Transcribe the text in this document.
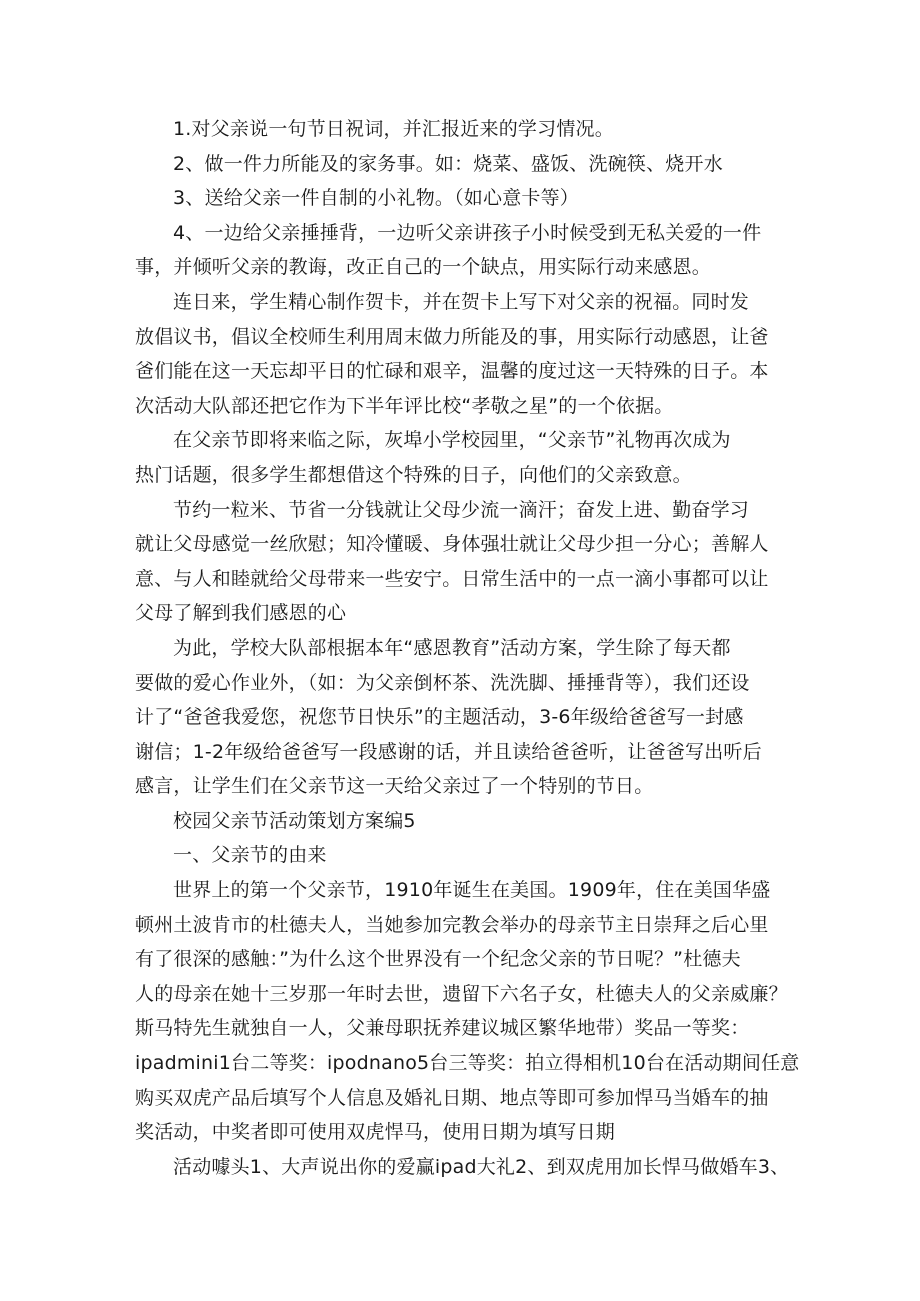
1.对父亲说一句节日祝词，并汇报近来的学习情况。
2、做一件力所能及的家务事。如：烧菜、盛饭、洗碗筷、烧开水
3、送给父亲一件自制的小礼物。（如心意卡等）
4、一边给父亲捶捶背，一边听父亲讲孩子小时候受到无私关爱的一件
事，并倾听父亲的教诲，改正自己的一个缺点，用实际行动来感恩。
连日来，学生精心制作贺卡，并在贺卡上写下对父亲的祝福。同时发
放倡议书，倡议全校师生利用周末做力所能及的事，用实际行动感恩，让爸
爸们能在这一天忘却平日的忙碌和艰辛，温馨的度过这一天特殊的日子。本
次活动大队部还把它作为下半年评比校“孝敬之星”的一个依据。
在父亲节即将来临之际，灰埠小学校园里，“父亲节”礼物再次成为
热门话题，很多学生都想借这个特殊的日子，向他们的父亲致意。
节约一粒米、节省一分钱就让父母少流一滴汗；奋发上进、勤奋学习
就让父母感觉一丝欣慰；知冷懂暖、身体强壮就让父母少担一分心；善解人
意、与人和睦就给父母带来一些安宁。日常生活中的一点一滴小事都可以让
父母了解到我们感恩的心
为此，学校大队部根据本年“感恩教育”活动方案，学生除了每天都
要做的爱心作业外，（如：为父亲倒杯茶、洗洗脚、捶捶背等），我们还设
计了“爸爸我爱您，祝您节日快乐”的主题活动，3-6年级给爸爸写一封感
谢信；1-2年级给爸爸写一段感谢的话，并且读给爸爸听，让爸爸写出听后
感言，让学生们在父亲节这一天给父亲过了一个特别的节日。
校园父亲节活动策划方案编5
一、父亲节的由来
世界上的第一个父亲节，1910年诞生在美国。1909年，住在美国华盛
顿州土波肯市的杜德夫人，当她参加完教会举办的母亲节主日崇拜之后心里
有了很深的感触：”为什么这个世界没有一个纪念父亲的节日呢？”杜德夫
人的母亲在她十三岁那一年时去世，遗留下六名子女，杜德夫人的父亲威廉？
斯马特先生就独自一人，父兼母职抚养建议城区繁华地带）奖品一等奖：
ipadmini1台二等奖：ipodnano5台三等奖：拍立得相机10台在活动期间任意
购买双虎产品后填写个人信息及婚礼日期、地点等即可参加悍马当婚车的抽
奖活动，中奖者即可使用双虎悍马，使用日期为填写日期
活动噱头1、大声说出你的爱赢ipad大礼2、到双虎用加长悍马做婚车3、
